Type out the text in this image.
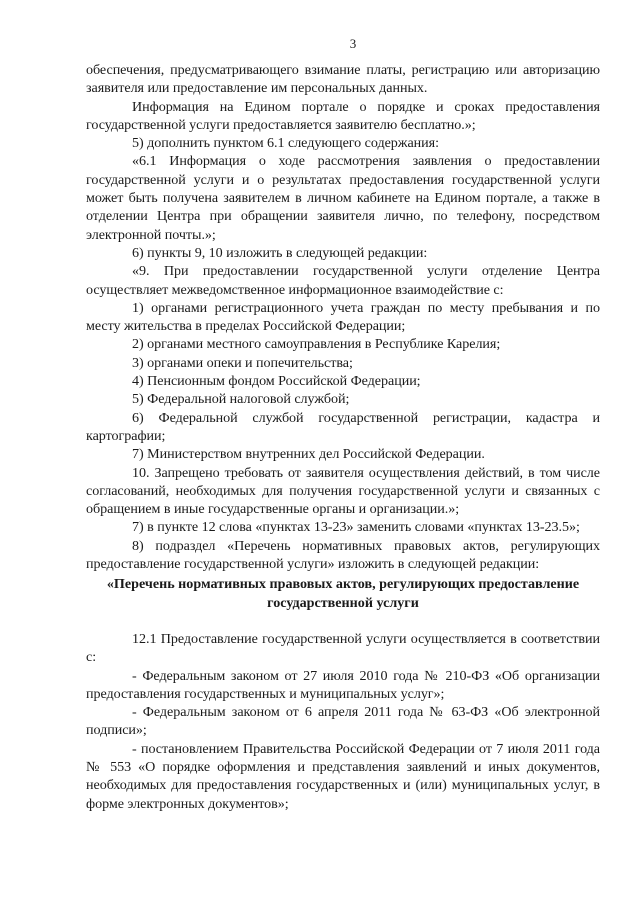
3

обеспечения, предусматривающего взимание платы, регистрацию или авторизацию заявителя или предоставление им персональных данных.

Информация на Едином портале о порядке и сроках предоставления государственной услуги предоставляется заявителю бесплатно.»;

5) дополнить пунктом 6.1 следующего содержания:

«6.1 Информация о ходе рассмотрения заявления о предоставлении государственной услуги и о результатах предоставления государственной услуги может быть получена заявителем в личном кабинете на Едином портале, а также в отделении Центра при обращении заявителя лично, по телефону, посредством электронной почты.»;

6) пункты 9, 10 изложить в следующей редакции:

«9. При предоставлении государственной услуги отделение Центра осуществляет межведомственное информационное взаимодействие с:

1) органами регистрационного учета граждан по месту пребывания и по месту жительства в пределах Российской Федерации;

2) органами местного самоуправления в Республике Карелия;

3) органами опеки и попечительства;

4) Пенсионным фондом Российской Федерации;

5) Федеральной налоговой службой;

6) Федеральной службой государственной регистрации, кадастра и картографии;

7) Министерством внутренних дел Российской Федерации.

10. Запрещено требовать от заявителя осуществления действий, в том числе согласований, необходимых для получения государственной услуги и связанных с обращением в иные государственные органы и организации.»;

7) в пункте 12 слова «пунктах 13-23» заменить словами «пунктах 13-23.5»;

8) подраздел «Перечень нормативных правовых актов, регулирующих предоставление государственной услуги» изложить в следующей редакции:

«Перечень нормативных правовых актов, регулирующих предоставление государственной услуги

12.1 Предоставление государственной услуги осуществляется в соответствии с:

- Федеральным законом от 27 июля 2010 года № 210-ФЗ «Об организации предоставления государственных и муниципальных услуг»;

- Федеральным законом от 6 апреля 2011 года № 63-ФЗ «Об электронной подписи»;

- постановлением Правительства Российской Федерации от 7 июля 2011 года № 553 «О порядке оформления и представления заявлений и иных документов, необходимых для предоставления государственных и (или) муниципальных услуг, в форме электронных документов»;
